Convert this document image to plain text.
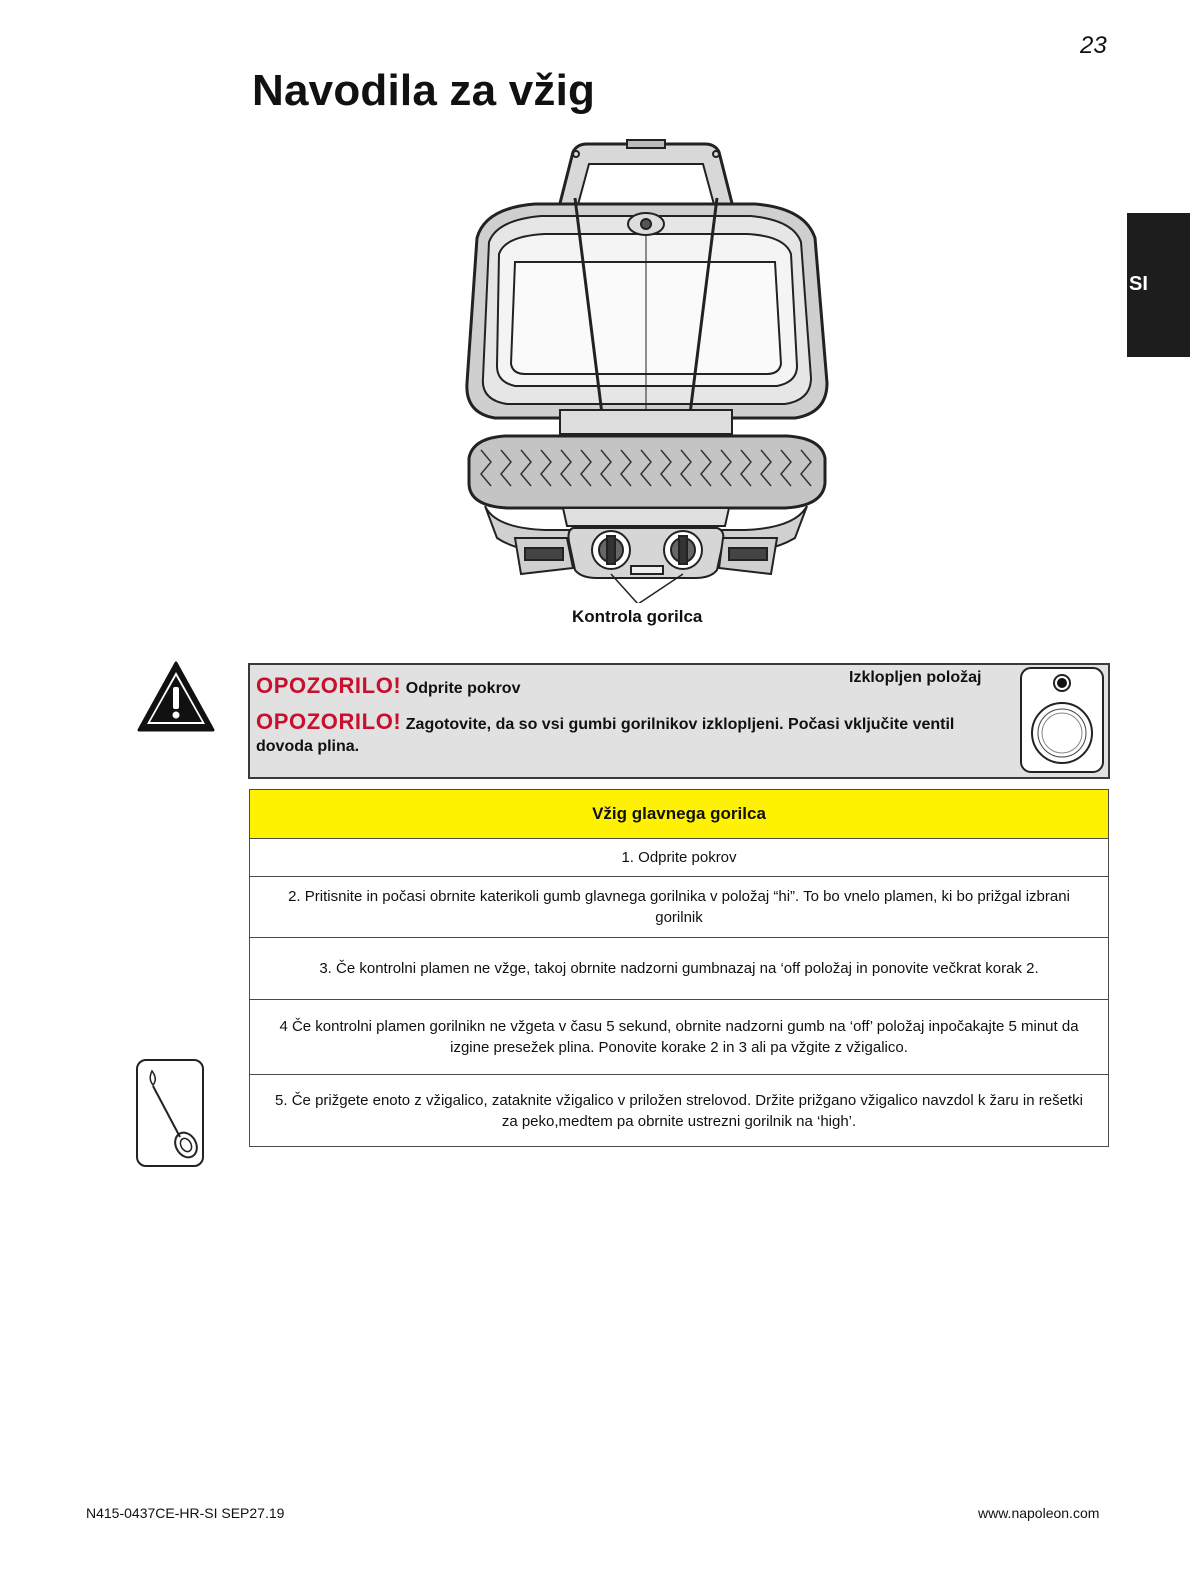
23
Navodila za vžig
SI
Kontrola gorilca
OPOZORILO! Odprite pokrov
OPOZORILO! Zagotovite, da so vsi gumbi gorilnikov izklopljeni. Počasi vključite ventil dovoda plina.
Izklopljen položaj
Vžig glavnega gorilca
1. Odprite pokrov
2. Pritisnite in počasi obrnite katerikoli gumb glavnega gorilnika v položaj “hi”. To bo vnelo plamen, ki bo prižgal izbrani gorilnik
3. Če kontrolni plamen ne vžge, takoj obrnite nadzorni gumbnazaj na ‘off položaj in ponovite večkrat korak 2.
4 Če kontrolni plamen gorilnikn ne vžgeta v času 5 sekund, obrnite nadzorni gumb na ‘off’ položaj inpočakajte 5 minut da izgine presežek plina. Ponovite korake 2 in 3 ali pa vžgite z vžigalico.
5. Če prižgete enoto z vžigalico, zataknite vžigalico v priložen strelovod. Držite prižgano vžigalico navzdol k žaru in rešetki za peko,medtem pa obrnite ustrezni gorilnik na ‘high’.
N415-0437CE-HR-SI SEP27.19	www.napoleon.com
